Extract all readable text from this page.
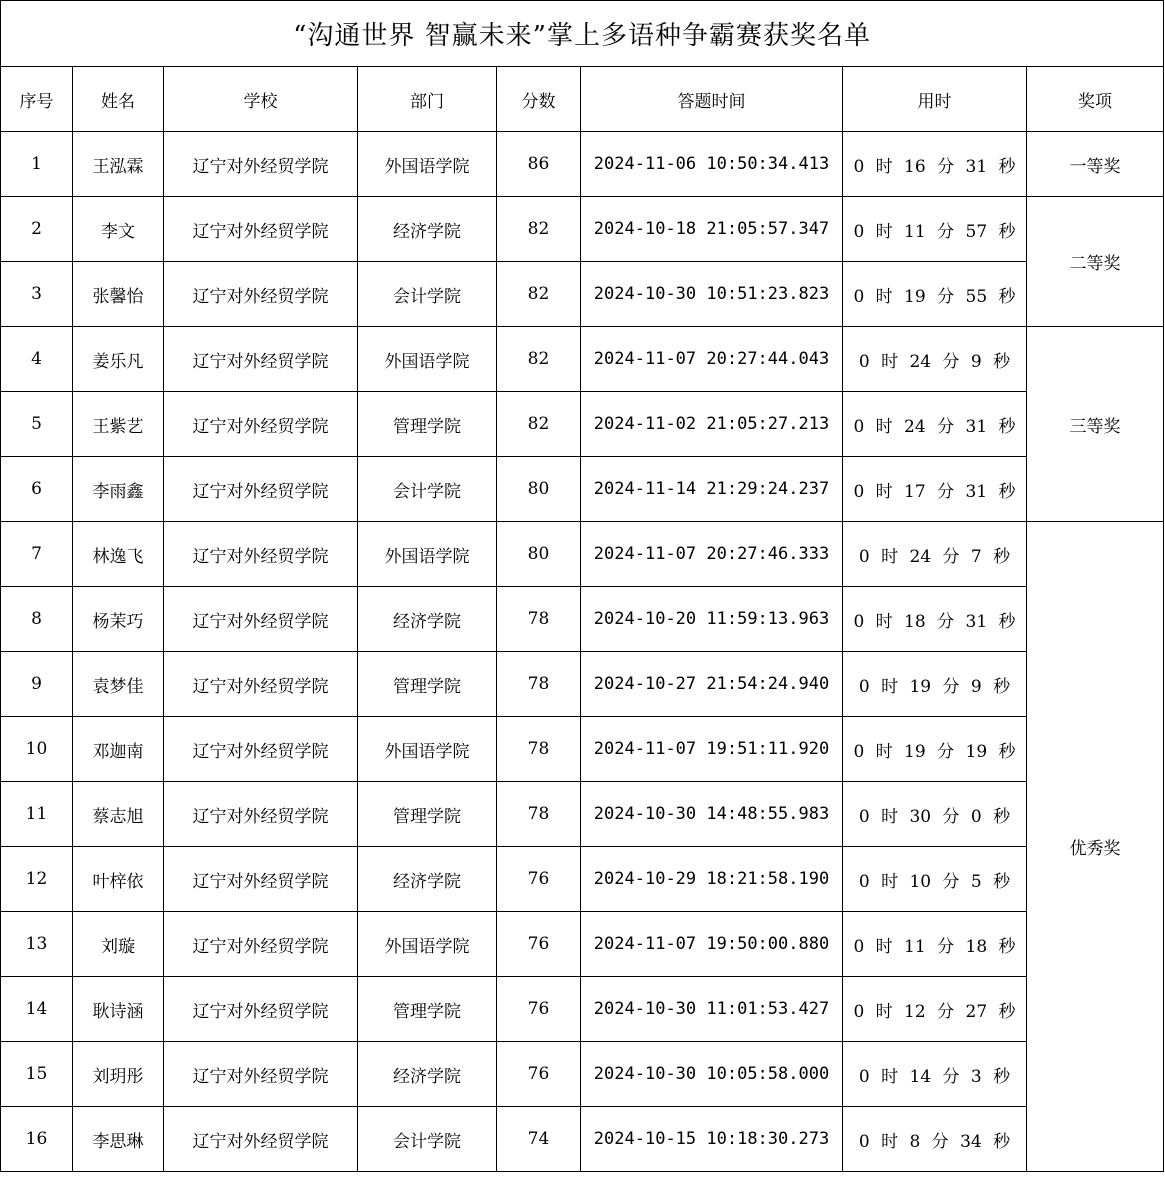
“沟通世界 智赢未来”掌上多语种争霸赛获奖名单							
序号	姓名	学校	部门	分数	答题时间	用时	奖项
1	王泓霖	辽宁对外经贸学院	外国语学院	86	2024-11-06 10:50:34.413	0 时 16 分 31 秒	一等奖
2	李文	辽宁对外经贸学院	经济学院	82	2024-10-18 21:05:57.347	0 时 11 分 57 秒	二等奖
3	张馨怡	辽宁对外经贸学院	会计学院	82	2024-10-30 10:51:23.823	0 时 19 分 55 秒	
4	姜乐凡	辽宁对外经贸学院	外国语学院	82	2024-11-07 20:27:44.043	0 时 24 分 9 秒	三等奖
5	王紫艺	辽宁对外经贸学院	管理学院	82	2024-11-02 21:05:27.213	0 时 24 分 31 秒	
6	李雨鑫	辽宁对外经贸学院	会计学院	80	2024-11-14 21:29:24.237	0 时 17 分 31 秒	
7	林逸飞	辽宁对外经贸学院	外国语学院	80	2024-11-07 20:27:46.333	0 时 24 分 7 秒	优秀奖
8	杨茉巧	辽宁对外经贸学院	经济学院	78	2024-10-20 11:59:13.963	0 时 18 分 31 秒	
9	袁梦佳	辽宁对外经贸学院	管理学院	78	2024-10-27 21:54:24.940	0 时 19 分 9 秒	
10	邓迦南	辽宁对外经贸学院	外国语学院	78	2024-11-07 19:51:11.920	0 时 19 分 19 秒	
11	蔡志旭	辽宁对外经贸学院	管理学院	78	2024-10-30 14:48:55.983	0 时 30 分 0 秒	
12	叶梓依	辽宁对外经贸学院	经济学院	76	2024-10-29 18:21:58.190	0 时 10 分 5 秒	
13	刘璇	辽宁对外经贸学院	外国语学院	76	2024-11-07 19:50:00.880	0 时 11 分 18 秒	
14	耿诗涵	辽宁对外经贸学院	管理学院	76	2024-10-30 11:01:53.427	0 时 12 分 27 秒	
15	刘玥彤	辽宁对外经贸学院	经济学院	76	2024-10-30 10:05:58.000	0 时 14 分 3 秒	
16	李思琳	辽宁对外经贸学院	会计学院	74	2024-10-15 10:18:30.273	0 时 8 分 34 秒	
